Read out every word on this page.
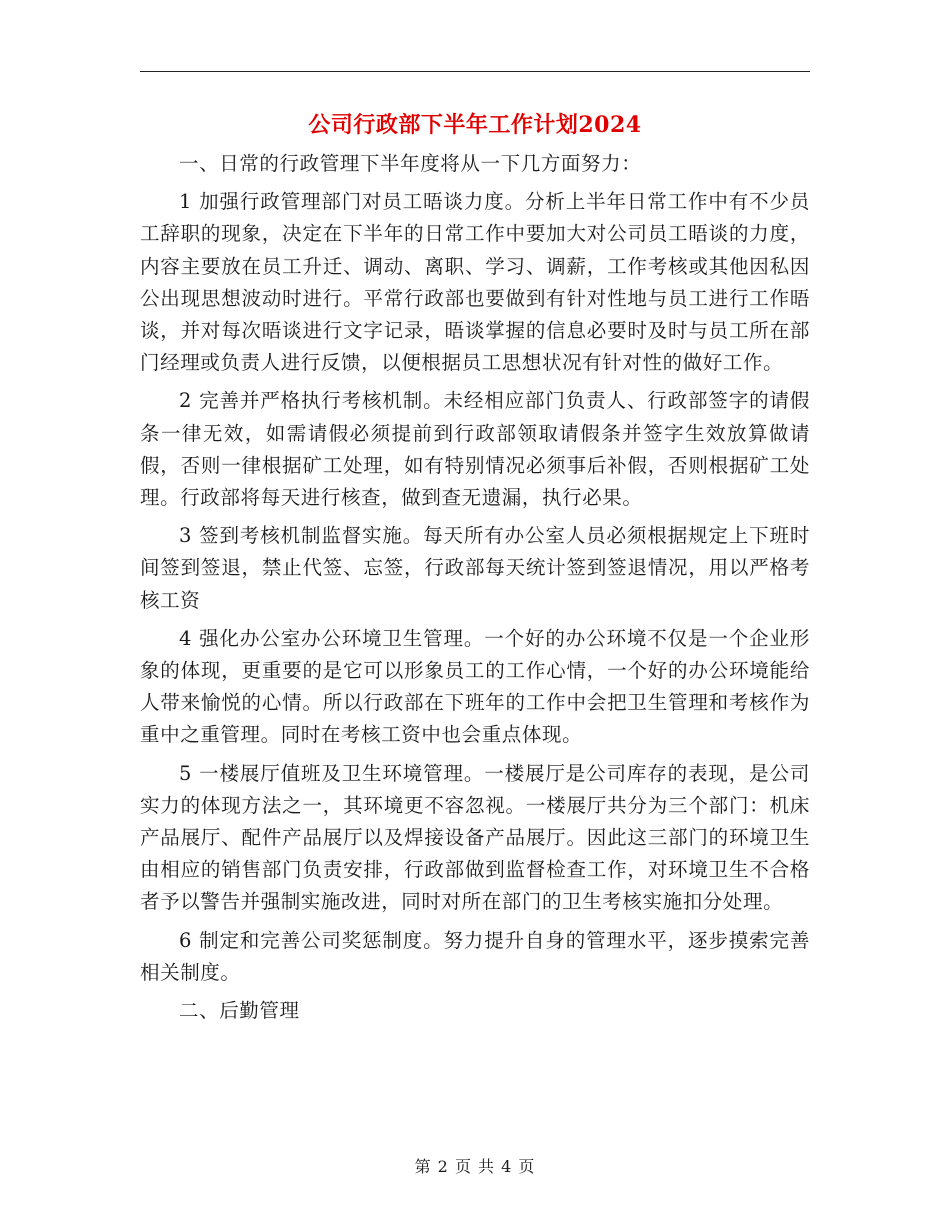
公司行政部下半年工作计划2024

一、日常的行政管理下半年度将从一下几方面努力：

1 加强行政管理部门对员工晤谈力度。分析上半年日常工作中有不少员工辞职的现象，决定在下半年的日常工作中要加大对公司员工晤谈的力度，内容主要放在员工升迁、调动、离职、学习、调薪，工作考核或其他因私因公出现思想波动时进行。平常行政部也要做到有针对性地与员工进行工作晤谈，并对每次晤谈进行文字记录，晤谈掌握的信息必要时及时与员工所在部门经理或负责人进行反馈，以便根据员工思想状况有针对性的做好工作。

2 完善并严格执行考核机制。未经相应部门负责人、行政部签字的请假条一律无效，如需请假必须提前到行政部领取请假条并签字生效放算做请假，否则一律根据矿工处理，如有特别情况必须事后补假，否则根据矿工处理。行政部将每天进行核查，做到查无遗漏，执行必果。

3 签到考核机制监督实施。每天所有办公室人员必须根据规定上下班时间签到签退，禁止代签、忘签，行政部每天统计签到签退情况，用以严格考核工资

4 强化办公室办公环境卫生管理。一个好的办公环境不仅是一个企业形象的体现，更重要的是它可以形象员工的工作心情，一个好的办公环境能给人带来愉悦的心情。所以行政部在下班年的工作中会把卫生管理和考核作为重中之重管理。同时在考核工资中也会重点体现。

5 一楼展厅值班及卫生环境管理。一楼展厅是公司库存的表现，是公司实力的体现方法之一，其环境更不容忽视。一楼展厅共分为三个部门：机床产品展厅、配件产品展厅以及焊接设备产品展厅。因此这三部门的环境卫生由相应的销售部门负责安排，行政部做到监督检查工作，对环境卫生不合格者予以警告并强制实施改进，同时对所在部门的卫生考核实施扣分处理。

6 制定和完善公司奖惩制度。努力提升自身的管理水平，逐步摸索完善相关制度。

二、后勤管理

第 2 页 共 4 页
